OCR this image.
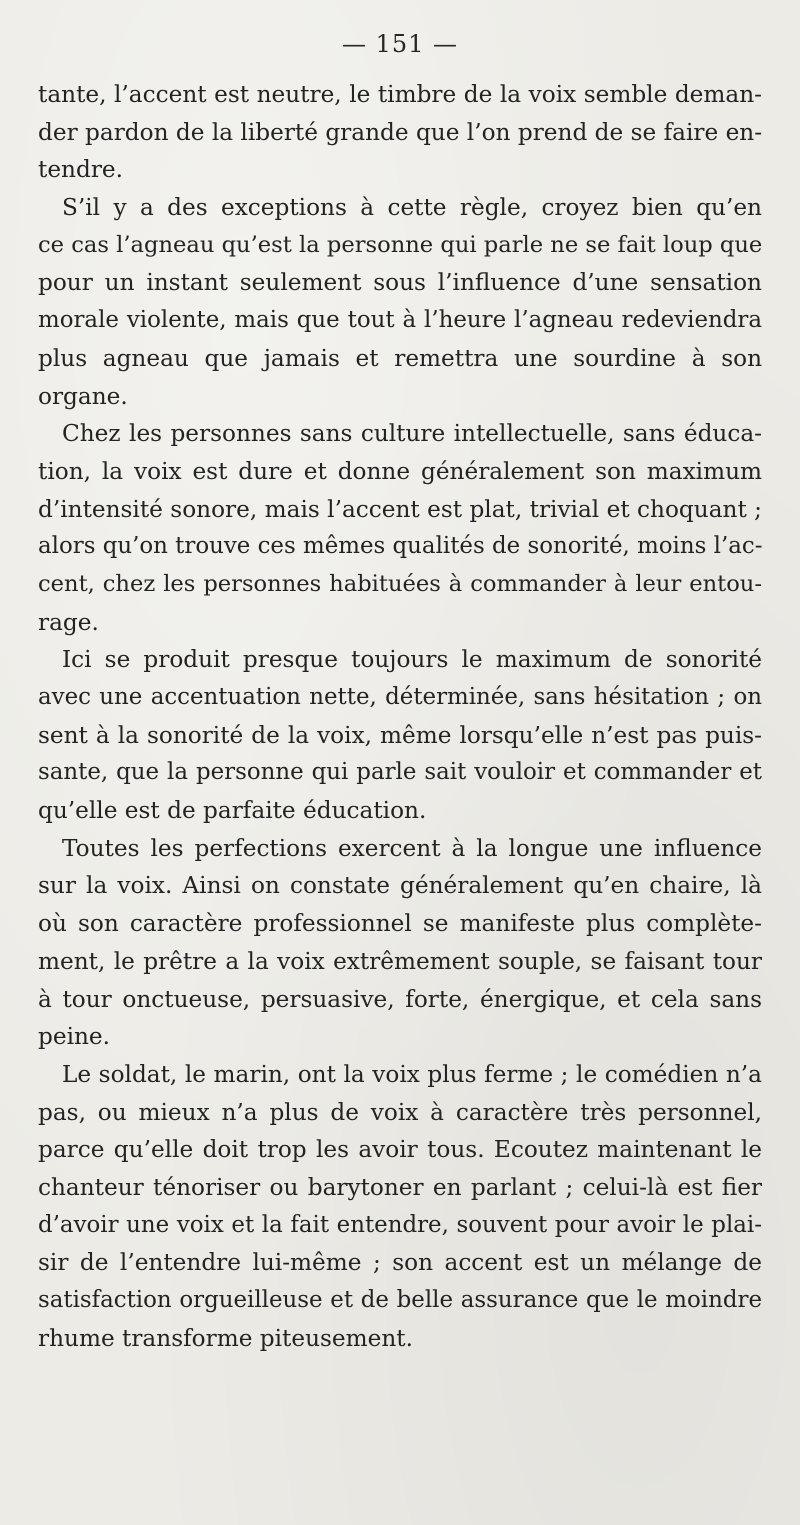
— 151 —
tante, l’accent est neutre, le timbre de la voix semble deman-
der pardon de la liberté grande que l’on prend de se faire en-
tendre.
S’il y a des exceptions à cette règle, croyez bien qu’en
ce cas l’agneau qu’est la personne qui parle ne se fait loup que
pour un instant seulement sous l’influence d’une sensation
morale violente, mais que tout à l’heure l’agneau redeviendra
plus agneau que jamais et remettra une sourdine à son
organe.
Chez les personnes sans culture intellectuelle, sans éduca-
tion, la voix est dure et donne généralement son maximum
d’intensité sonore, mais l’accent est plat, trivial et choquant ;
alors qu’on trouve ces mêmes qualités de sonorité, moins l’ac-
cent, chez les personnes habituées à commander à leur entou-
rage.
Ici se produit presque toujours le maximum de sonorité
avec une accentuation nette, déterminée, sans hésitation ; on
sent à la sonorité de la voix, même lorsqu’elle n’est pas puis-
sante, que la personne qui parle sait vouloir et commander et
qu’elle est de parfaite éducation.
Toutes les perfections exercent à la longue une influence
sur la voix. Ainsi on constate généralement qu’en chaire, là
où son caractère professionnel se manifeste plus complète-
ment, le prêtre a la voix extrêmement souple, se faisant tour
à tour onctueuse, persuasive, forte, énergique, et cela sans
peine.
Le soldat, le marin, ont la voix plus ferme ; le comédien n’a
pas, ou mieux n’a plus de voix à caractère très personnel,
parce qu’elle doit trop les avoir tous. Ecoutez maintenant le
chanteur ténoriser ou barytoner en parlant ; celui-là est fier
d’avoir une voix et la fait entendre, souvent pour avoir le plai-
sir de l’entendre lui-même ; son accent est un mélange de
satisfaction orgueilleuse et de belle assurance que le moindre
rhume transforme piteusement.
